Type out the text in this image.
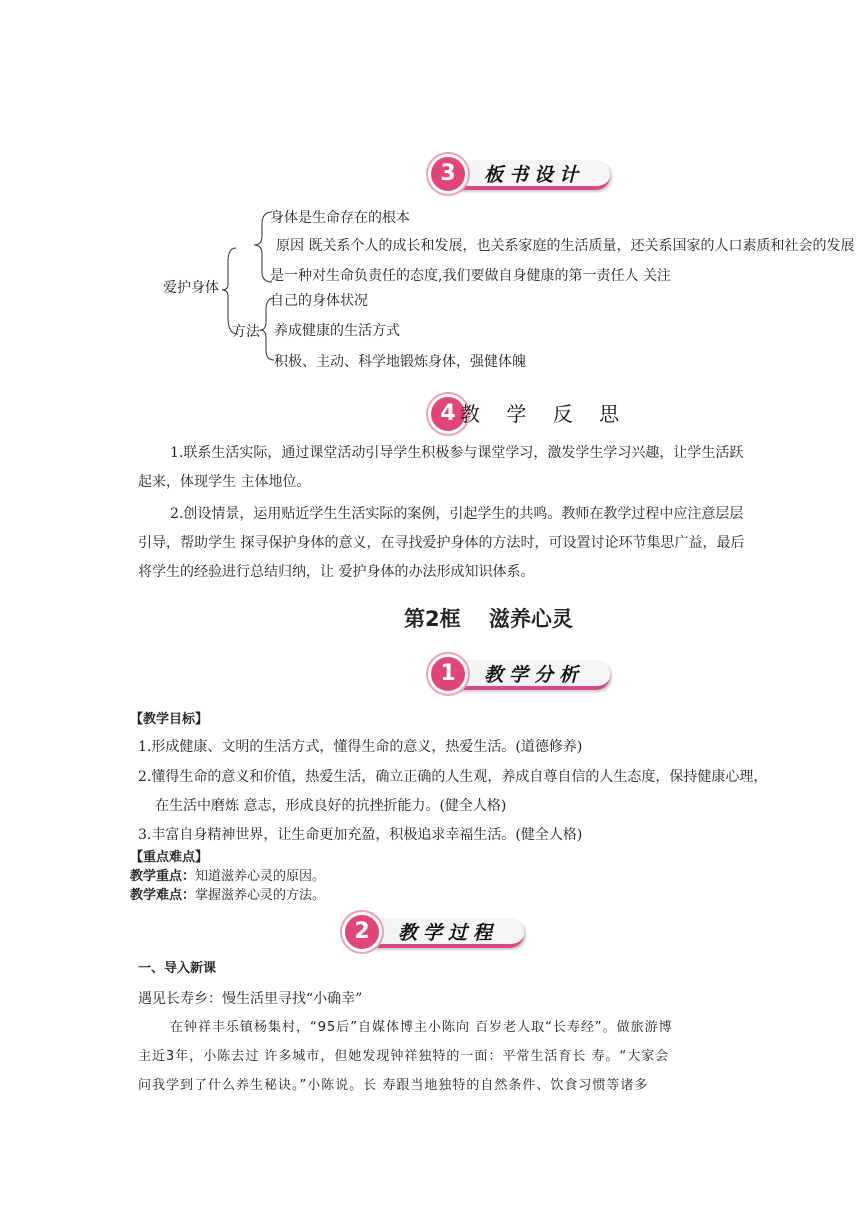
3	板书设计
爱护身体
身体是生命存在的根本
原因 既关系个人的成长和发展，也关系家庭的生活质量，还关系国家的人口素质和社会的发展
是一种对生命负责任的态度,我们要做自身健康的第一责任人 关注
自己的身体状况
方法 养成健康的生活方式
积极、主动、科学地锻炼身体，强健体魄
4 教 学 反 思
1.联系生活实际，通过课堂活动引导学生积极参与课堂学习，激发学生学习兴趣，让学生活跃
起来，体现学生 主体地位。
2.创设情景，运用贴近学生生活实际的案例，引起学生的共鸣。教师在教学过程中应注意层层
引导，帮助学生 探寻保护身体的意义，在寻找爱护身体的方法时，可设置讨论环节集思广益，最后
将学生的经验进行总结归纳，让 爱护身体的办法形成知识体系。
第2框　 滋养心灵
1	教学分析
【教学目标】
1.形成健康、文明的生活方式，懂得生命的意义，热爱生活。(道德修养)
2.懂得生命的意义和价值，热爱生活，确立正确的人生观，养成自尊自信的人生态度，保持健康心理，
在生活中磨炼 意志，形成良好的抗挫折能力。(健全人格)
3.丰富自身精神世界，让生命更加充盈，积极追求幸福生活。(健全人格)
【重点难点】
教学重点：知道滋养心灵的原因。
教学难点：掌握滋养心灵的方法。
2	教学过程
一、导入新课
遇见长寿乡：慢生活里寻找“小确幸”
在钟祥丰乐镇杨集村，“95后”自媒体博主小陈向 百岁老人取“长寿经”。做旅游博
主近3年，小陈去过 许多城市，但她发现钟祥独特的一面：平常生活育长 寿。“大家会
问我学到了什么养生秘诀。”小陈说。长 寿跟当地独特的自然条件、饮食习惯等诸多
